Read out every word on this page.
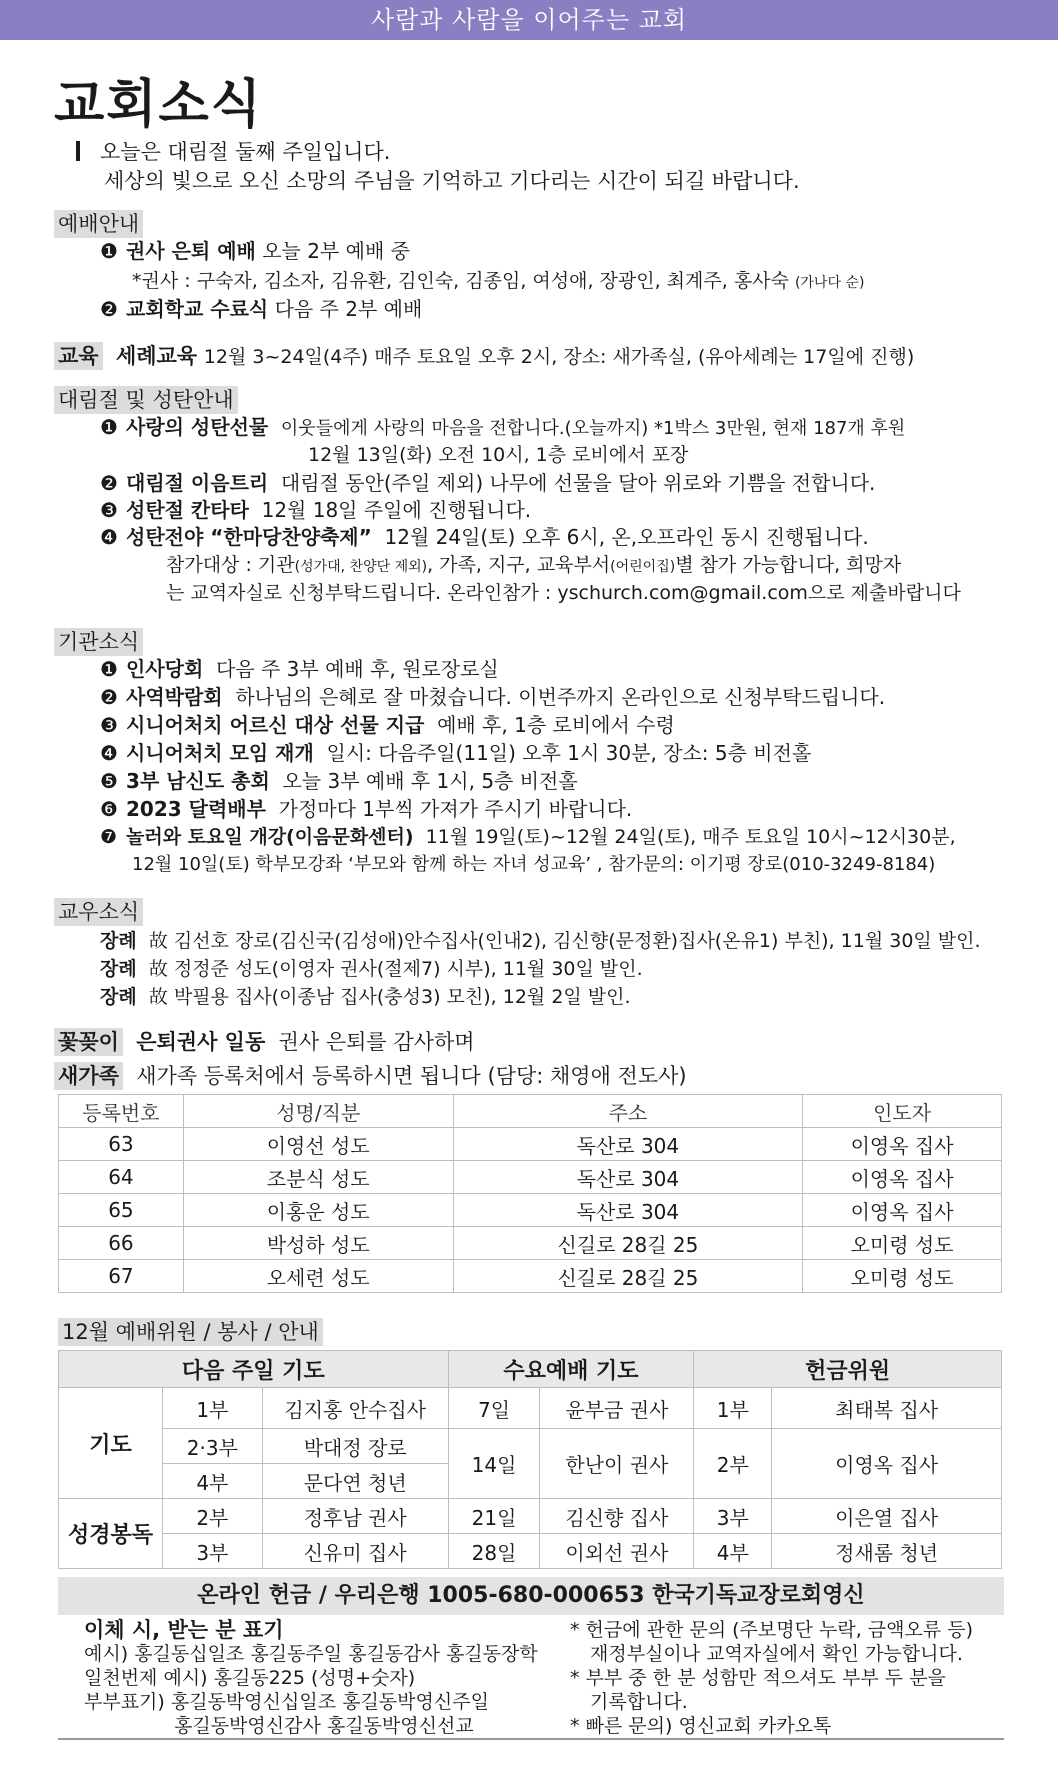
사람과 사람을 이어주는 교회
교회소식
오늘은 대림절 둘째 주일입니다.
세상의 빛으로 오신 소망의 주님을 기억하고 기다리는 시간이 되길 바랍니다.
예배안내
❶ 권사 은퇴 예배 오늘 2부 예배 중
*권사 : 구숙자, 김소자, 김유환, 김인숙, 김종임, 여성애, 장광인, 최계주, 홍사숙 (가나다 순)
❷ 교회학교 수료식 다음 주 2부 예배
교육 세례교육 12월 3~24일(4주) 매주 토요일 오후 2시, 장소: 새가족실, (유아세례는 17일에 진행)
대림절 및 성탄안내
❶ 사랑의 성탄선물 이웃들에게 사랑의 마음을 전합니다.(오늘까지) *1박스 3만원, 현재 187개 후원
12월 13일(화) 오전 10시, 1층 로비에서 포장
❷ 대림절 이음트리 대림절 동안(주일 제외) 나무에 선물을 달아 위로와 기쁨을 전합니다.
❸ 성탄절 칸타타 12월 18일 주일에 진행됩니다.
❹ 성탄전야 “한마당찬양축제” 12월 24일(토) 오후 6시, 온,오프라인 동시 진행됩니다.
참가대상 : 기관(성가대, 찬양단 제외), 가족, 지구, 교육부서(어린이집)별 참가 가능합니다, 희망자
는 교역자실로 신청부탁드립니다. 온라인참가 : yschurch.com@gmail.com으로 제출바랍니다
기관소식
❶ 인사당회 다음 주 3부 예배 후, 원로장로실
❷ 사역박람회 하나님의 은혜로 잘 마쳤습니다. 이번주까지 온라인으로 신청부탁드립니다.
❸ 시니어처치 어르신 대상 선물 지급 예배 후, 1층 로비에서 수령
❹ 시니어처치 모임 재개 일시: 다음주일(11일) 오후 1시 30분, 장소: 5층 비전홀
❺ 3부 남신도 총회 오늘 3부 예배 후 1시, 5층 비전홀
❻ 2023 달력배부 가정마다 1부씩 가져가 주시기 바랍니다.
❼ 놀러와 토요일 개강(이음문화센터) 11월 19일(토)~12월 24일(토), 매주 토요일 10시~12시30분,
12월 10일(토) 학부모강좌 ‘부모와 함께 하는 자녀 성교육’ , 참가문의: 이기평 장로(010-3249-8184)
교우소식
장례 故 김선호 장로(김신국(김성애)안수집사(인내2), 김신향(문정환)집사(온유1) 부친), 11월 30일 발인.
장례 故 정정준 성도(이영자 권사(절제7) 시부), 11월 30일 발인.
장례 故 박필용 집사(이종남 집사(충성3) 모친), 12월 2일 발인.
꽃꽂이 은퇴권사 일동 권사 은퇴를 감사하며
새가족 새가족 등록처에서 등록하시면 됩니다 (담당: 채영애 전도사)
등록번호	성명/직분	주소	인도자
63	이영선 성도	독산로 304	이영옥 집사
64	조분식 성도	독산로 304	이영옥 집사
65	이홍운 성도	독산로 304	이영옥 집사
66	박성하 성도	신길로 28길 25	오미령 성도
67	오세련 성도	신길로 28길 25	오미령 성도
12월 예배위원 / 봉사 / 안내
다음 주일 기도			수요예배 기도		헌금위원	
기도	1부	김지홍 안수집사	7일	윤부금 권사	1부	최태복 집사
	2·3부	박대정 장로	14일	한난이 권사	2부	이영옥 집사
	4부	문다연 청년				
성경봉독	2부	정후남 권사	21일	김신향 집사	3부	이은열 집사
	3부	신유미 집사	28일	이외선 권사	4부	정새롬 청년
온라인 헌금 / 우리은행 1005-680-000653 한국기독교장로회영신
이체 시, 받는 분 표기
예시) 홍길동십일조 홍길동주일 홍길동감사 홍길동장학
일천번제 예시) 홍길동225 (성명+숫자)
부부표기) 홍길동박영신십일조 홍길동박영신주일
홍길동박영신감사 홍길동박영신선교
* 헌금에 관한 문의 (주보명단 누락, 금액오류 등)
재정부실이나 교역자실에서 확인 가능합니다.
* 부부 중 한 분 성함만 적으셔도 부부 두 분을
기록합니다.
* 빠른 문의) 영신교회 카카오톡
